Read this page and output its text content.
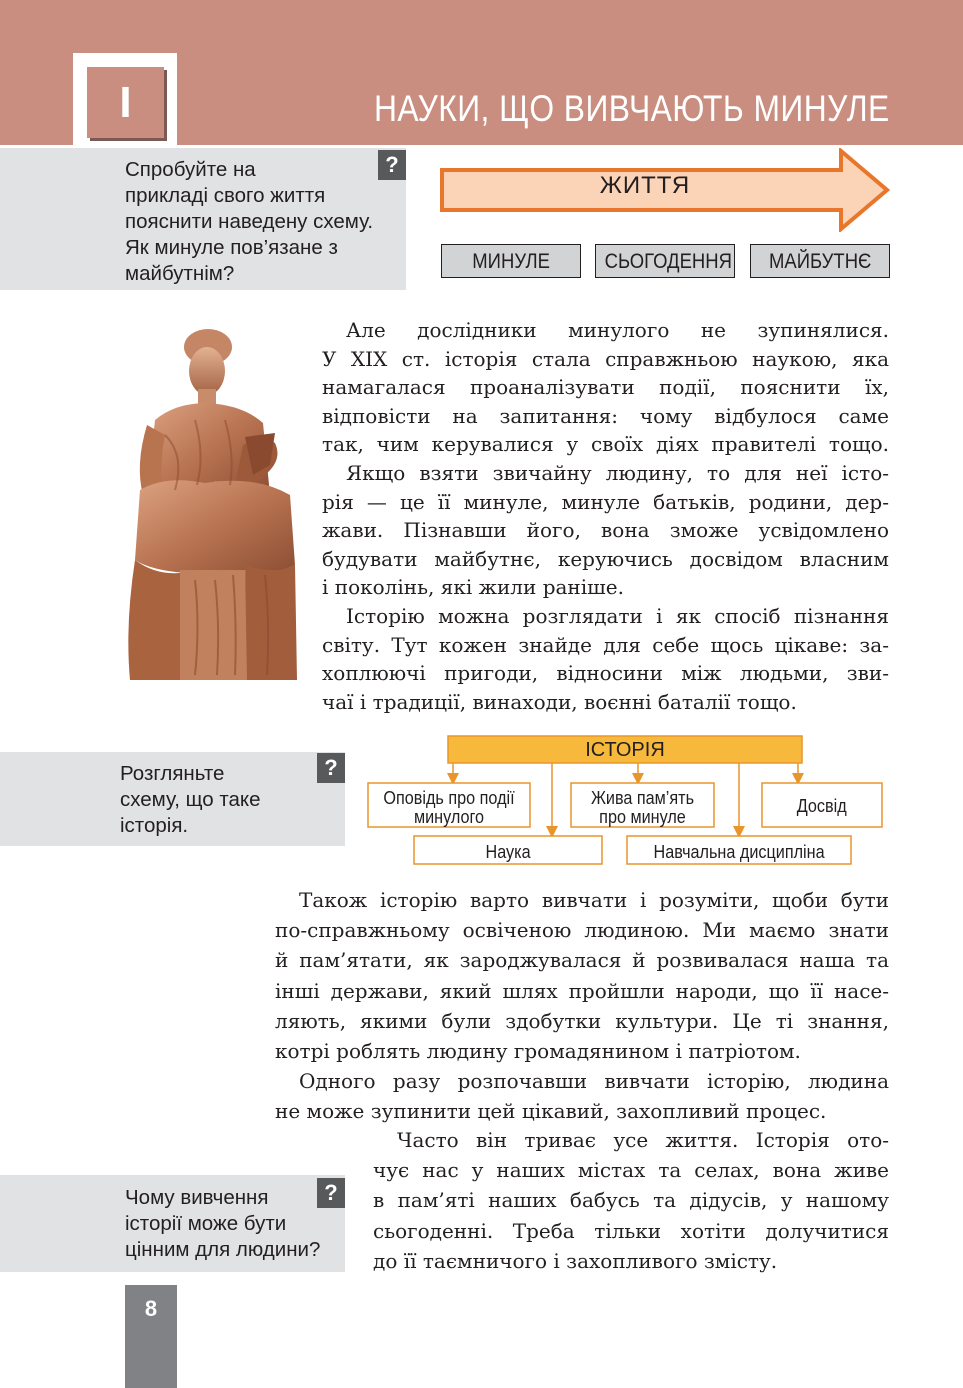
I	НАУКИ, ЩО ВИВЧАЮТЬ МИНУЛЕ
Спробуйте на
прикладі свого життя
пояснити наведену схему.
Як минуле пов’язане з
майбутнім?
?
ЖИТТЯ
МИНУЛЕ	СЬОГОДЕННЯ	МАЙБУТНЄ

Але дослідники минулого не зупинялися.
У XIX ст. історія стала справжньою наукою, яка
намагалася проаналізувати події, пояснити їх,
відповісти на запитання: чому відбулося саме
так, чим керувалися у своїх діях правителі тощо.

Якщо взяти звичайну людину, то для неї істо-
рія — це її минуле, минуле батьків, родини, дер-
жави. Пізнавши його, вона зможе усвідомлено
будувати майбутнє, керуючись досвідом власним
і поколінь, які жили раніше.

Історію можна розглядати і як спосіб пізнання
світу. Тут кожен знайде для себе щось цікаве: за-
хоплюючі пригоди, відносини між людьми, зви-
чаї і традиції, винаходи, воєнні баталії тощо.

Розгляньте
схему, що таке
історія.
?
ІСТОРІЯ
Оповідь про події минулого
Жива пам’ять про минуле
Досвід
Наука	Навчальна дисципліна

Також історію варто вивчати і розуміти, щоби бути
по-справжньому освіченою людиною. Ми маємо знати
й пам’ятати, як зароджувалася й розвивалася наша та
інші держави, який шлях пройшли народи, що її насе-
ляють, якими були здобутки культури. Це ті знання,
котрі роблять людину громадянином і патріотом.

Одного разу розпочавши вивчати історію, людина
не може зупинити цей цікавий, захопливий процес.

Чому вивчення
історії може бути
цінним для людини?
?

Часто він триває усе життя. Історія ото-
чує нас у наших містах та селах, вона живе
в пам’яті наших бабусь та дідусів, у нашому
сьогоденні. Треба тільки хотіти долучитися
до її таємничого і захопливого змісту.

8
